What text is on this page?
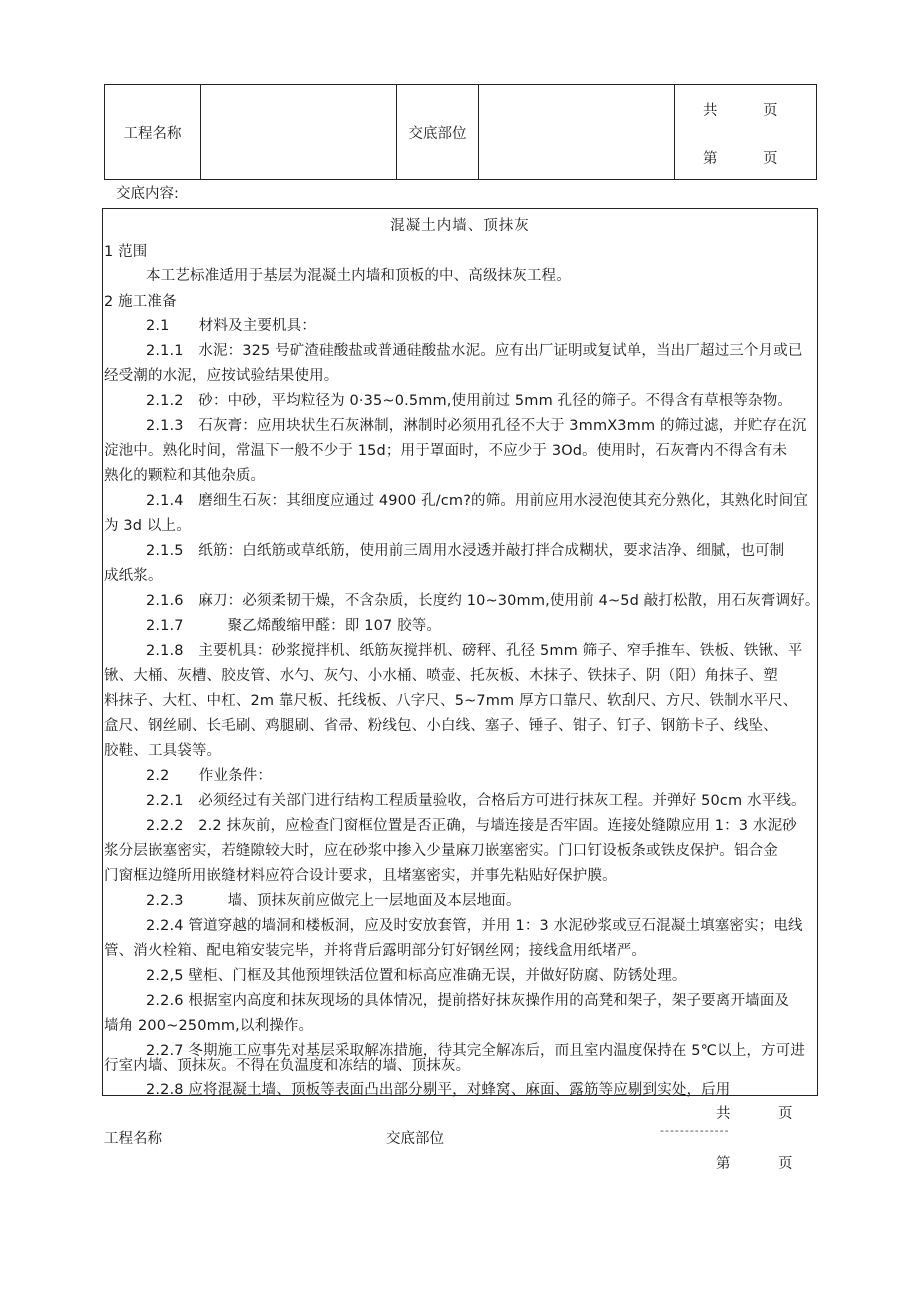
工程名称		交底部位		
共	页
第	页
交底内容:
混凝土内墙、顶抹灰
1 范围
本工艺标准适用于基层为混凝土内墙和顶板的中、高级抹灰工程。
2 施工准备
2.1　　材料及主要机具：
2.1.1　水泥：325 号矿渣硅酸盐或普通硅酸盐水泥。应有出厂证明或复试单，当出厂超过三个月或已
经受潮的水泥，应按试验结果使用。
2.1.2　砂：中砂，平均粒径为 0·35~0.5mm,使用前过 5mm 孔径的筛子。不得含有草根等杂物。
2.1.3　石灰膏：应用块状生石灰淋制，淋制时必须用孔径不大于 3mmX3mm 的筛过滤，并贮存在沉
淀池中。熟化时间，常温下一般不少于 15d；用于罩面时，不应少于 3Od。使用时，石灰膏内不得含有未
熟化的颗粒和其他杂质。
2.1.4　磨细生石灰：其细度应通过 4900 孔/cm?的筛。用前应用水浸泡使其充分熟化，其熟化时间宜
为 3d 以上。
2.1.5　纸筋：白纸筋或草纸筋，使用前三周用水浸透并敲打拌合成糊状，要求洁净、细腻，也可制
成纸浆。
2.1.6　麻刀：必须柔韧干燥，不含杂质，长度约 10~30mm,使用前 4~5d 敲打松散，用石灰膏调好。
2.1.7　　　聚乙烯酸缩甲醛：即 107 胶等。
2.1.8　主要机具：砂浆搅拌机、纸筋灰搅拌机、磅秤、孔径 5mm 筛子、窄手推车、铁板、铁锹、平
锹、大桶、灰槽、胶皮管、水勺、灰勺、小水桶、喷壶、托灰板、木抹子、铁抹子、阴（阳）角抹子、塑
料抹子、大杠、中杠、2m 靠尺板、托线板、八字尺、5~7mm 厚方口靠尺、软刮尺、方尺、铁制水平尺、
盒尺、钢丝刷、长毛刷、鸡腿刷、省帚、粉线包、小白线、塞子、锤子、钳子、钉子、钢筋卡子、线坠、
胶鞋、工具袋等。
2.2　　作业条件：
2.2.1　必须经过有关部门进行结构工程质量验收，合格后方可进行抹灰工程。并弹好 50cm 水平线。
2.2.2　2.2 抹灰前，应检查门窗框位置是否正确，与墙连接是否牢固。连接处缝隙应用 1：3 水泥砂
浆分层嵌塞密实，若缝隙较大时，应在砂浆中掺入少量麻刀嵌塞密实。门口钉设板条或铁皮保护。铝合金
门窗框边缝所用嵌缝材料应符合设计要求，且堵塞密实，并事先粘贴好保护膜。
2.2.3　　　墙、顶抹灰前应做完上一层地面及本层地面。
2.2.4 管道穿越的墙洞和楼板洞，应及时安放套管，并用 1：3 水泥砂浆或豆石混凝土填塞密实；电线
管、消火栓箱、配电箱安装完毕，并将背后露明部分钉好钢丝网；接线盒用纸堵严。
2.2,5 壁柜、门框及其他预埋铁活位置和标高应准确无误，并做好防腐、防锈处理。
2.2.6 根据室内高度和抹灰现场的具体情况，提前搭好抹灰操作用的高凳和架子，架子要离开墙面及
墙角 200~250mm,以利操作。
2.2.7 冬期施工应事先对基层采取解冻措施，待其完全解冻后，而且室内温度保持在 5℃以上，方可进
行室内墙、顶抹灰。不得在负温度和冻结的墙、顶抹灰。
2.2.8 应将混凝土墙、顶板等表面凸出部分剔平，对蜂窝、麻面、露筋等应剔到实处，后用
共	页
工程名称	交底部位
--------------
第	页
